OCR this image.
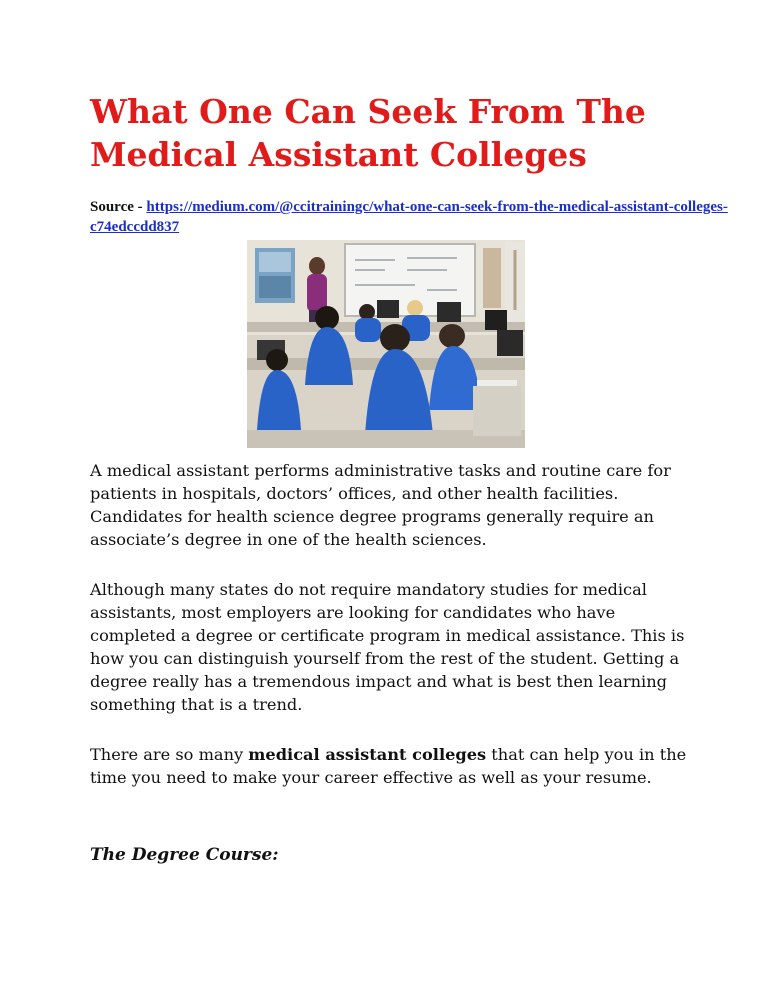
What One Can Seek From The Medical Assistant Colleges
Source - https://medium.com/@ccitrainingc/what-one-can-seek-from-the-medical-assistant-colleges-c74edccdd837

A medical assistant performs administrative tasks and routine care for patients in hospitals, doctors’ offices, and other health facilities. Candidates for health science degree programs generally require an associate’s degree in one of the health sciences.

Although many states do not require mandatory studies for medical assistants, most employers are looking for candidates who have completed a degree or certificate program in medical assistance. This is how you can distinguish yourself from the rest of the student. Getting a degree really has a tremendous impact and what is best then learning something that is a trend.

There are so many medical assistant colleges that can help you in the time you need to make your career effective as well as your resume.

The Degree Course:
